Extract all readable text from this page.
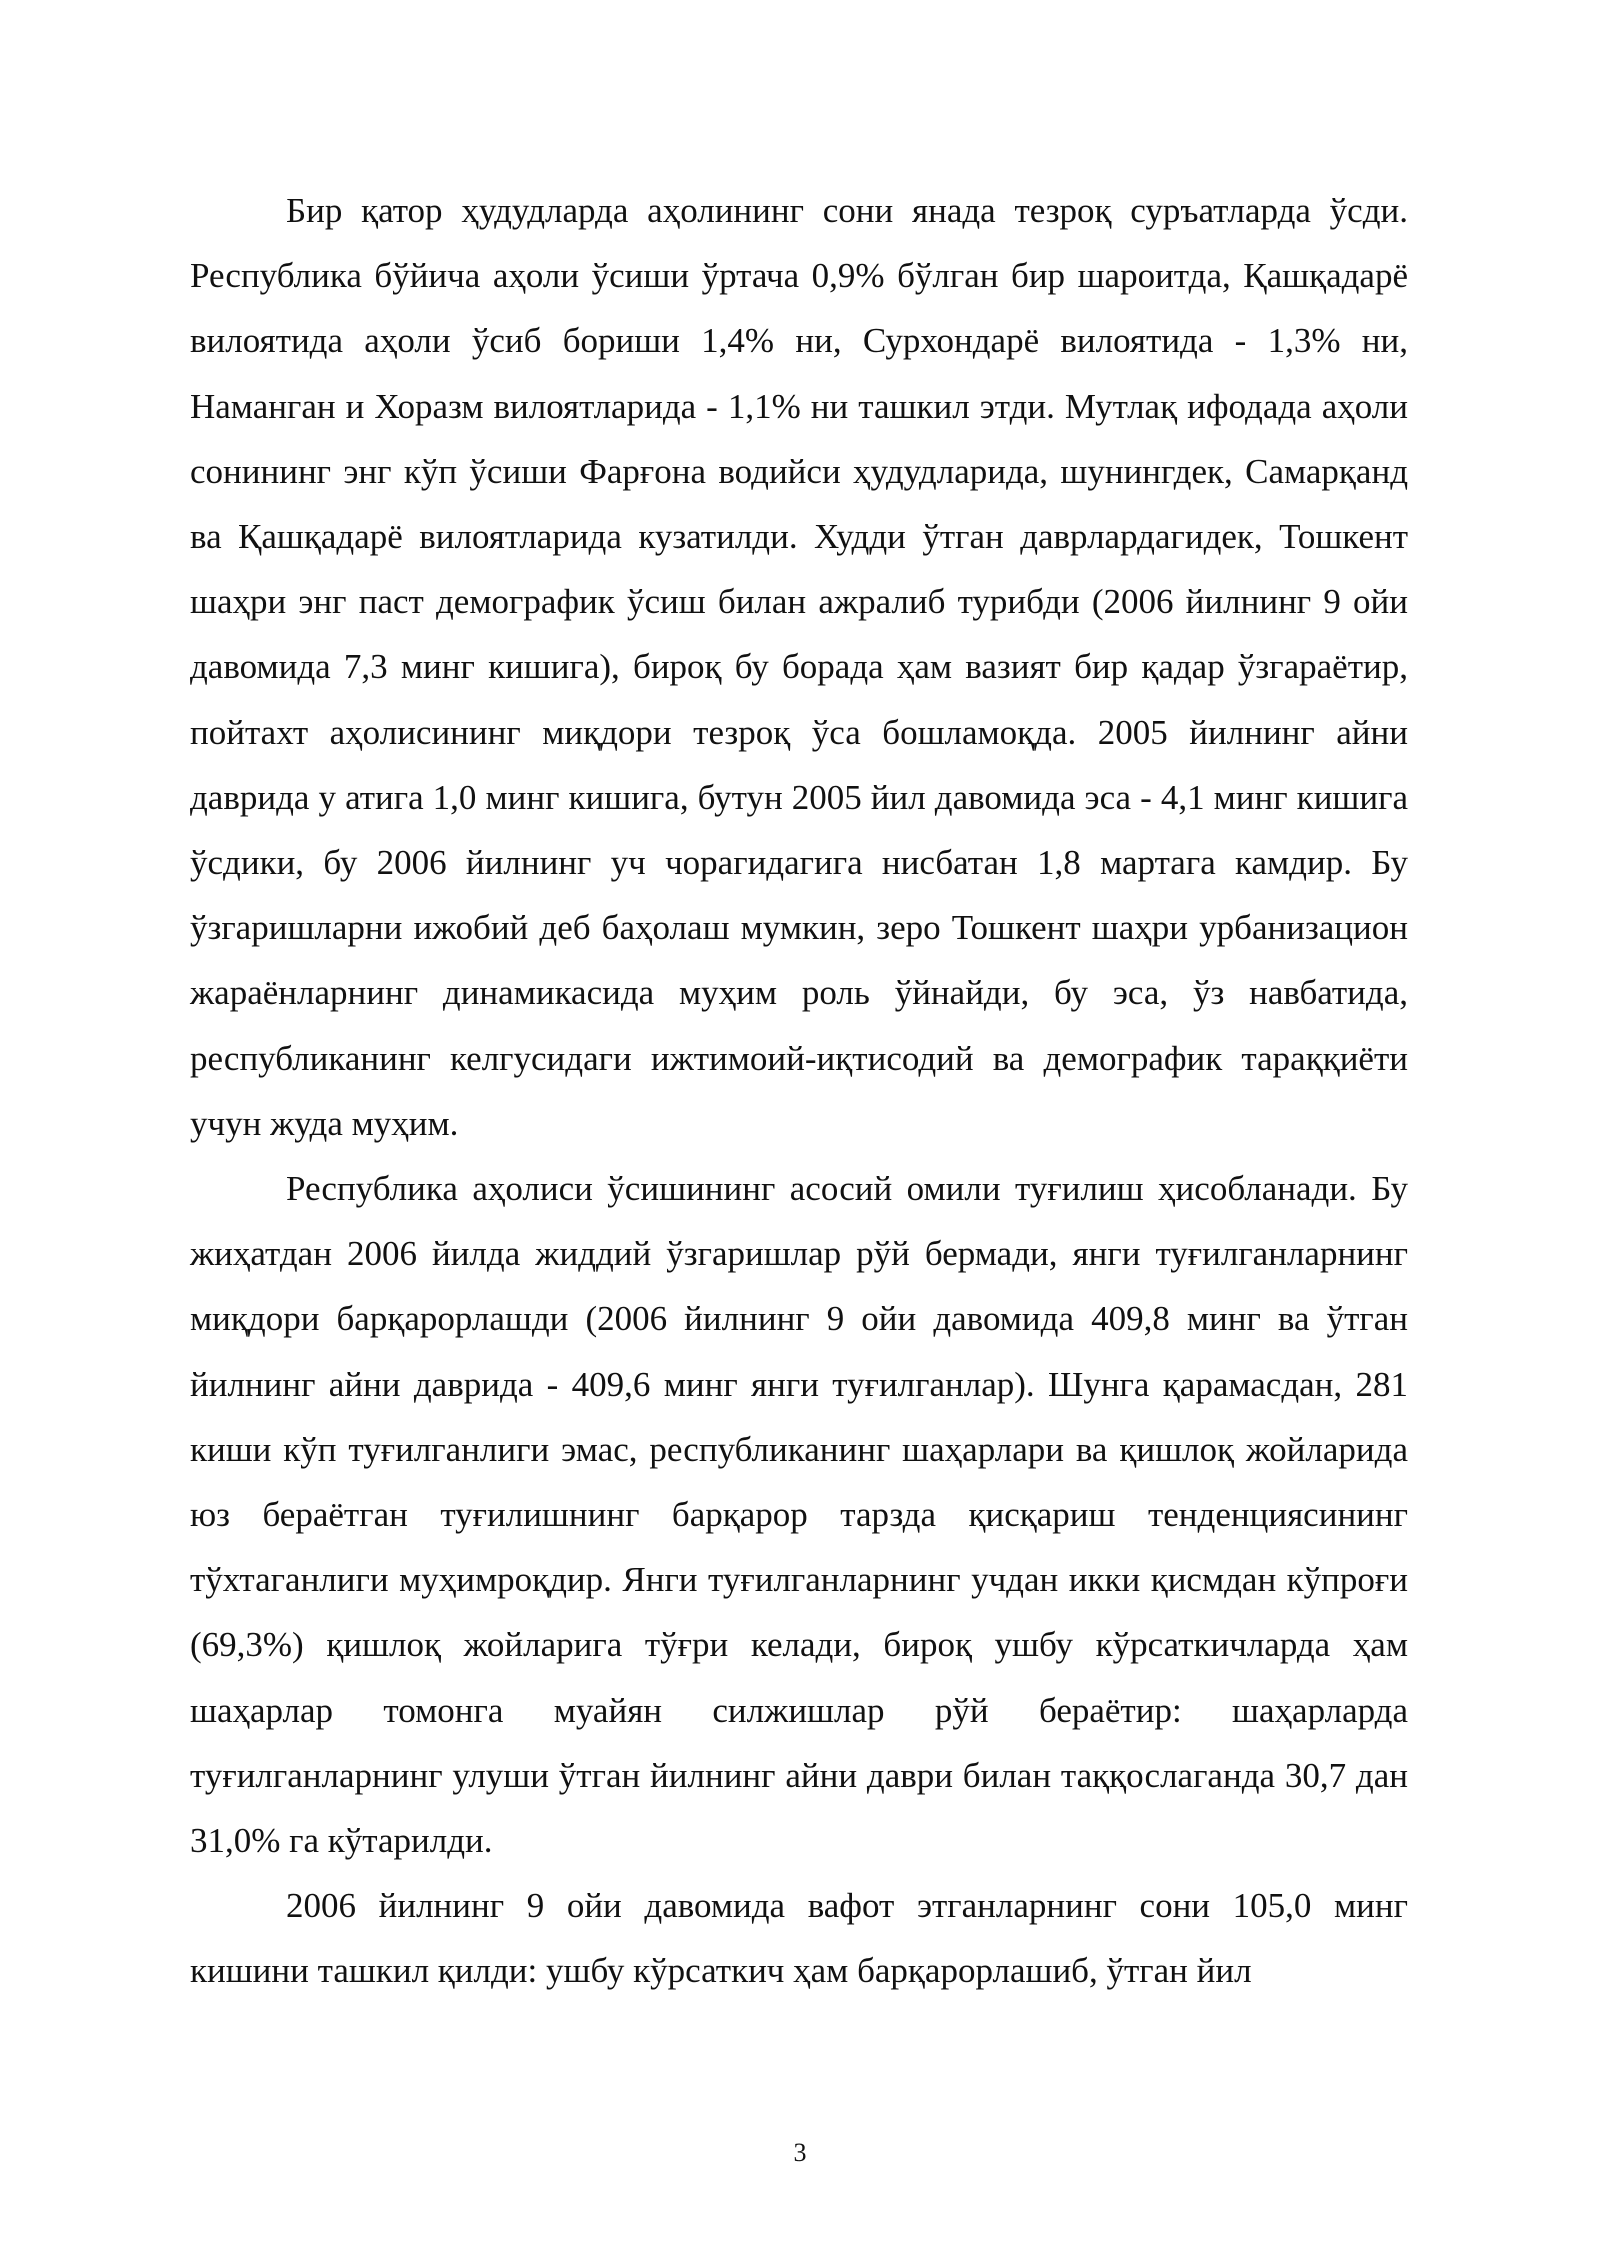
Бир қатор ҳудудларда аҳолининг сони янада тезроқ суръатларда ўсди. Республика бўйича аҳоли ўсиши ўртача 0,9% бўлган бир шароитда, Қашқадарё вилоятида аҳоли ўсиб бориши 1,4% ни, Сурхондарё вилоятида - 1,3% ни, Наманган и Хоразм вилоятларида - 1,1% ни ташкил этди. Мутлақ ифодада аҳоли сонининг энг кўп ўсиши Фарғона водийси ҳудудларида, шунингдек, Самарқанд ва Қашқадарё вилоятларида кузатилди. Худди ўтган даврлардагидек, Тошкент шаҳри энг паст демографик ўсиш билан ажралиб турибди (2006 йилнинг 9 ойи давомида 7,3 минг кишига), бироқ бу борада ҳам вазият бир қадар ўзгараётир, пойтахт аҳолисининг миқдори тезроқ ўса бошламоқда. 2005 йилнинг айни даврида у атига 1,0 минг кишига, бутун 2005 йил давомида эса - 4,1 минг кишига ўсдики, бу 2006 йилнинг уч чорагидагига нисбатан 1,8 мартага камдир. Бу ўзгаришларни ижобий деб баҳолаш мумкин, зеро Тошкент шаҳри урбанизацион жараёнларнинг динамикасида муҳим роль ўйнайди, бу эса, ўз навбатида, республиканинг келгусидаги ижтимоий-иқтисодий ва демографик тараққиёти учун жуда муҳим.

Республика аҳолиси ўсишининг асосий омили туғилиш ҳисобланади. Бу жиҳатдан 2006 йилда жиддий ўзгаришлар рўй бермади, янги туғилганларнинг миқдори барқарорлашди (2006 йилнинг 9 ойи давомида 409,8 минг ва ўтган йилнинг айни даврида - 409,6 минг янги туғилганлар). Шунга қарамасдан, 281 киши кўп туғилганлиги эмас, республиканинг шаҳарлари ва қишлоқ жойларида юз бераётган туғилишнинг барқарор тарзда қисқариш тенденциясининг тўхтаганлиги муҳимроқдир. Янги туғилганларнинг учдан икки қисмдан кўпроғи (69,3%) қишлоқ жойларига тўғри келади, бироқ ушбу кўрсаткичларда ҳам шаҳарлар томонга муайян силжишлар рўй бераётир: шаҳарларда туғилганларнинг улуши ўтган йилнинг айни даври билан таққослаганда 30,7 дан 31,0% га кўтарилди.

2006 йилнинг 9 ойи давомида вафот этганларнинг сони 105,0 минг кишини ташкил қилди: ушбу кўрсаткич ҳам барқарорлашиб, ўтган йил

3
